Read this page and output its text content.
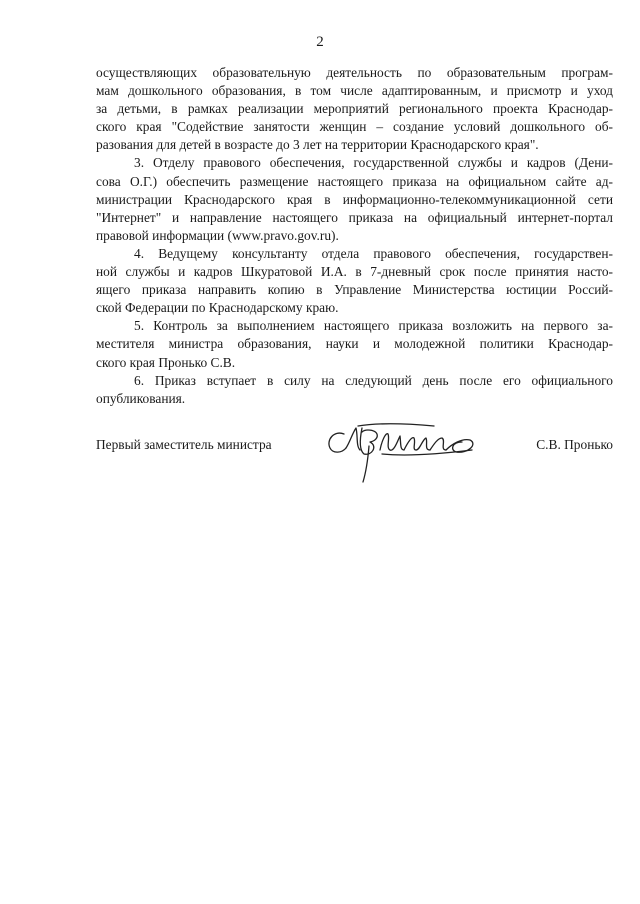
2

осуществляющих образовательную деятельность по образовательным програм-
мам дошкольного образования, в том числе адаптированным, и присмотр и уход
за детьми, в рамках реализации мероприятий регионального проекта Краснодар-
ского края "Содействие занятости женщин – создание условий дошкольного об-
разования для детей в возрасте до 3 лет на территории Краснодарского края".

3. Отделу правового обеспечения, государственной службы и кадров (Дени-
сова О.Г.) обеспечить размещение настоящего приказа на официальном сайте ад-
министрации Краснодарского края в информационно-телекоммуникационной сети
"Интернет" и направление настоящего приказа на официальный интернет-портал
правовой информации (www.pravo.gov.ru).

4. Ведущему консультанту отдела правового обеспечения, государствен-
ной службы и кадров Шкуратовой И.А. в 7-дневный срок после принятия насто-
ящего приказа направить копию в Управление Министерства юстиции Россий-
ской Федерации по Краснодарскому краю.

5. Контроль за выполнением настоящего приказа возложить на первого за-
местителя министра образования, науки и молодежной политики Краснодар-
ского края Пронько С.В.

6. Приказ вступает в силу на следующий день после его официального
опубликования.

Первый заместитель министра	С.В. Пронько
